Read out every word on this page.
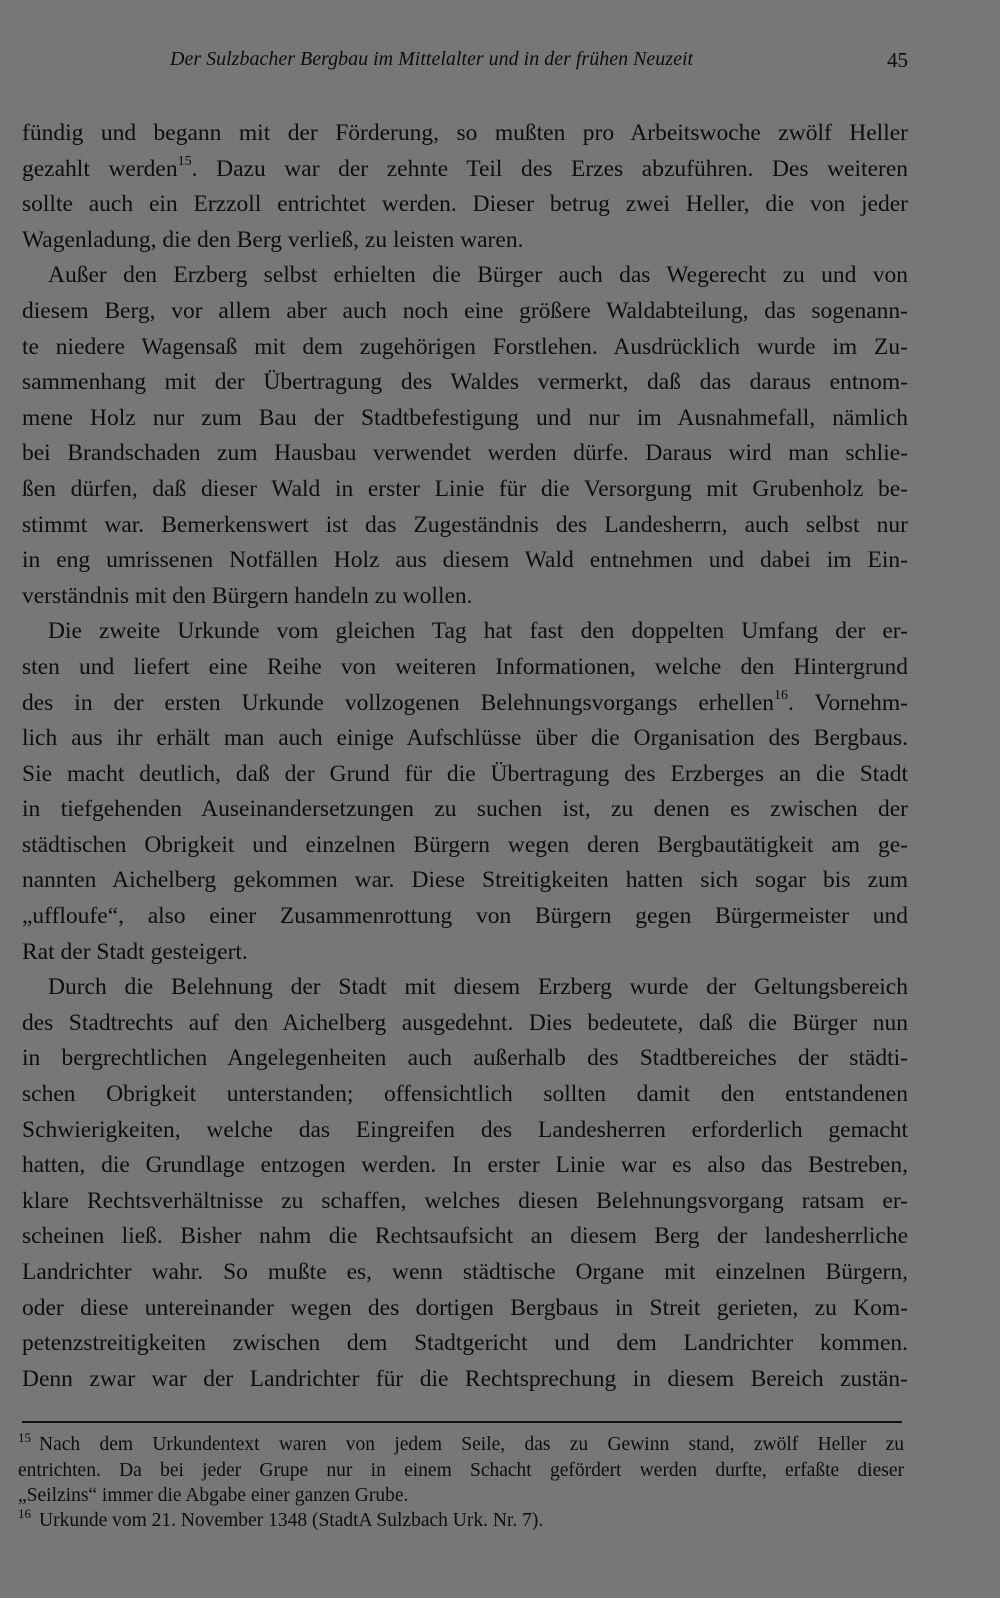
Der Sulzbacher Bergbau im Mittelalter und in der frühen Neuzeit	45
fündig und begann mit der Förderung, so mußten pro Arbeitswoche zwölf Heller
gezahlt werden$^{15}$. Dazu war der zehnte Teil des Erzes abzuführen. Des weiteren
sollte auch ein Erzzoll entrichtet werden. Dieser betrug zwei Heller, die von jeder
Wagenladung, die den Berg verließ, zu leisten waren.
Außer den Erzberg selbst erhielten die Bürger auch das Wegerecht zu und von
diesem Berg, vor allem aber auch noch eine größere Waldabteilung, das sogenann-
te niedere Wagensaß mit dem zugehörigen Forstlehen. Ausdrücklich wurde im Zu-
sammenhang mit der Übertragung des Waldes vermerkt, daß das daraus entnom-
mene Holz nur zum Bau der Stadtbefestigung und nur im Ausnahmefall, nämlich
bei Brandschaden zum Hausbau verwendet werden dürfe. Daraus wird man schlie-
ßen dürfen, daß dieser Wald in erster Linie für die Versorgung mit Grubenholz be-
stimmt war. Bemerkenswert ist das Zugeständnis des Landesherrn, auch selbst nur
in eng umrissenen Notfällen Holz aus diesem Wald entnehmen und dabei im Ein-
verständnis mit den Bürgern handeln zu wollen.
Die zweite Urkunde vom gleichen Tag hat fast den doppelten Umfang der er-
sten und liefert eine Reihe von weiteren Informationen, welche den Hintergrund
des in der ersten Urkunde vollzogenen Belehnungsvorgangs erhellen$^{16}$. Vornehm-
lich aus ihr erhält man auch einige Aufschlüsse über die Organisation des Bergbaus.
Sie macht deutlich, daß der Grund für die Übertragung des Erzberges an die Stadt
in tiefgehenden Auseinandersetzungen zu suchen ist, zu denen es zwischen der
städtischen Obrigkeit und einzelnen Bürgern wegen deren Bergbautätigkeit am ge-
nannten Aichelberg gekommen war. Diese Streitigkeiten hatten sich sogar bis zum
„uffloufe“, also einer Zusammenrottung von Bürgern gegen Bürgermeister und
Rat der Stadt gesteigert.
Durch die Belehnung der Stadt mit diesem Erzberg wurde der Geltungsbereich
des Stadtrechts auf den Aichelberg ausgedehnt. Dies bedeutete, daß die Bürger nun
in bergrechtlichen Angelegenheiten auch außerhalb des Stadtbereiches der städti-
schen Obrigkeit unterstanden; offensichtlich sollten damit den entstandenen
Schwierigkeiten, welche das Eingreifen des Landesherren erforderlich gemacht
hatten, die Grundlage entzogen werden. In erster Linie war es also das Bestreben,
klare Rechtsverhältnisse zu schaffen, welches diesen Belehnungsvorgang ratsam er-
scheinen ließ. Bisher nahm die Rechtsaufsicht an diesem Berg der landesherrliche
Landrichter wahr. So mußte es, wenn städtische Organe mit einzelnen Bürgern,
oder diese untereinander wegen des dortigen Bergbaus in Streit gerieten, zu Kom-
petenzstreitigkeiten zwischen dem Stadtgericht und dem Landrichter kommen.
Denn zwar war der Landrichter für die Rechtsprechung in diesem Bereich zustän-
$^{15}$ Nach dem Urkundentext waren von jedem Seile, das zu Gewinn stand, zwölf Heller zu
entrichten. Da bei jeder Grupe nur in einem Schacht gefördert werden durfte, erfaßte dieser
„Seilzins“ immer die Abgabe einer ganzen Grube.
$^{16}$ Urkunde vom 21. November 1348 (StadtA Sulzbach Urk. Nr. 7).
